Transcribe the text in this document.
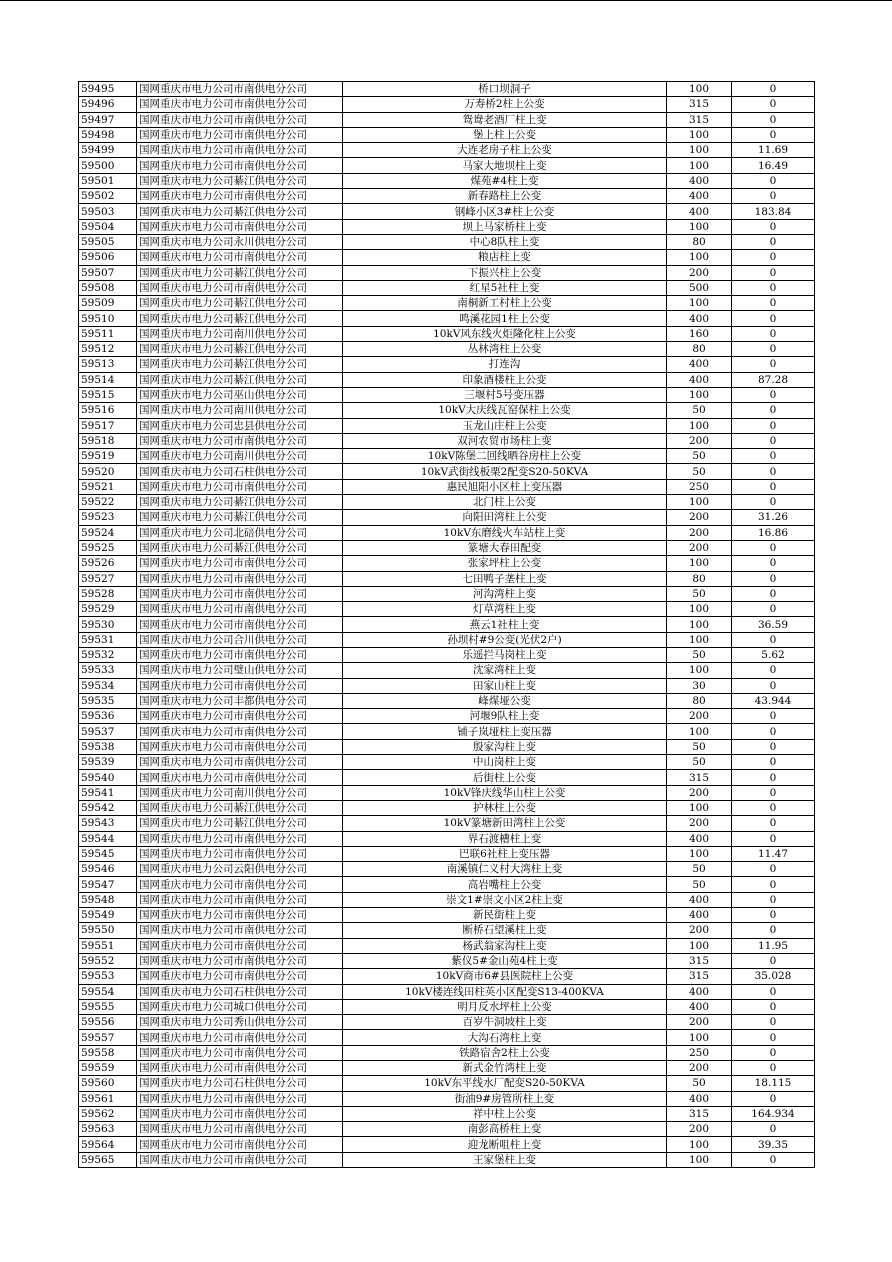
59495	国网重庆市电力公司市南供电分公司	桥口坝洞子	100	0
59496	国网重庆市电力公司市南供电分公司	万寿桥2柱上公变	315	0
59497	国网重庆市电力公司市南供电分公司	鸳鸯老酒厂柱上变	315	0
59498	国网重庆市电力公司市南供电分公司	堡上柱上公变	100	0
59499	国网重庆市电力公司市南供电分公司	大连老房子柱上公变	100	11.69
59500	国网重庆市电力公司市南供电分公司	马家大地坝柱上变	100	16.49
59501	国网重庆市电力公司綦江供电分公司	煤苑#4柱上变	400	0
59502	国网重庆市电力公司市南供电分公司	新春路柱上公变	400	0
59503	国网重庆市电力公司綦江供电分公司	钢峰小区3#柱上公变	400	183.84
59504	国网重庆市电力公司市南供电分公司	坝上马家桥柱上变	100	0
59505	国网重庆市电力公司永川供电分公司	中心8队柱上变	80	0
59506	国网重庆市电力公司市南供电分公司	粮店柱上变	100	0
59507	国网重庆市电力公司綦江供电分公司	下振兴柱上公变	200	0
59508	国网重庆市电力公司市南供电分公司	红星5社柱上变	500	0
59509	国网重庆市电力公司綦江供电分公司	南桐新工村柱上公变	100	0
59510	国网重庆市电力公司綦江供电分公司	鸣溪花园1柱上公变	400	0
59511	国网重庆市电力公司南川供电分公司	10kV风东线火炬隆化柱上公变	160	0
59512	国网重庆市电力公司綦江供电分公司	丛林湾柱上公变	80	0
59513	国网重庆市电力公司綦江供电分公司	打连沟	400	0
59514	国网重庆市电力公司綦江供电分公司	印象酒楼柱上公变	400	87.28
59515	国网重庆市电力公司巫山供电分公司	三堰村5号变压器	100	0
59516	国网重庆市电力公司南川供电分公司	10kV大庆线瓦窑保柱上公变	50	0
59517	国网重庆市电力公司忠县供电分公司	玉龙山庄柱上公变	100	0
59518	国网重庆市电力公司市南供电分公司	双河农贸市场柱上变	200	0
59519	国网重庆市电力公司南川供电分公司	10kV陈堡二回线晒谷房柱上公变	50	0
59520	国网重庆市电力公司石柱供电分公司	10kV武街线板栗2配变S20-50KVA	50	0
59521	国网重庆市电力公司市南供电分公司	惠民旭阳小区柱上变压器	250	0
59522	国网重庆市电力公司綦江供电分公司	北门柱上公变	100	0
59523	国网重庆市电力公司綦江供电分公司	向阳田湾柱上公变	200	31.26
59524	国网重庆市电力公司北碚供电分公司	10kV东磨线火车站柱上变	200	16.86
59525	国网重庆市电力公司綦江供电分公司	篆塘大春田配变	200	0
59526	国网重庆市电力公司市南供电分公司	张家坪柱上公变	100	0
59527	国网重庆市电力公司市南供电分公司	七田鸭子垄柱上变	80	0
59528	国网重庆市电力公司市南供电分公司	河沟湾柱上变	50	0
59529	国网重庆市电力公司市南供电分公司	灯草湾柱上变	100	0
59530	国网重庆市电力公司市南供电分公司	燕云1社柱上变	100	36.59
59531	国网重庆市电力公司合川供电分公司	孙坝村#9公变(光伏2户)	100	0
59532	国网重庆市电力公司市南供电分公司	乐遥拦马岗柱上变	50	5.62
59533	国网重庆市电力公司璧山供电分公司	沈家湾柱上变	100	0
59534	国网重庆市电力公司市南供电分公司	田家山柱上变	30	0
59535	国网重庆市电力公司丰都供电分公司	峰煤垭公变	80	43.944
59536	国网重庆市电力公司市南供电分公司	河堰9队柱上变	200	0
59537	国网重庆市电力公司市南供电分公司	铺子岚垭柱上变压器	100	0
59538	国网重庆市电力公司市南供电分公司	殷家沟柱上变	50	0
59539	国网重庆市电力公司市南供电分公司	中山岗柱上变	50	0
59540	国网重庆市电力公司市南供电分公司	后街柱上公变	315	0
59541	国网重庆市电力公司南川供电分公司	10kV锋庆线华山柱上公变	200	0
59542	国网重庆市电力公司綦江供电分公司	护林柱上公变	100	0
59543	国网重庆市电力公司綦江供电分公司	10kV篆塘新田湾柱上公变	200	0
59544	国网重庆市电力公司市南供电分公司	界石渡槽柱上变	400	0
59545	国网重庆市电力公司市南供电分公司	巴联6社柱上变压器	100	11.47
59546	国网重庆市电力公司云阳供电分公司	南溪镇仁义村大湾柱上变	50	0
59547	国网重庆市电力公司市南供电分公司	高岩嘴柱上公变	50	0
59548	国网重庆市电力公司市南供电分公司	崇文1#崇文小区2柱上变	400	0
59549	国网重庆市电力公司市南供电分公司	新民街柱上变	400	0
59550	国网重庆市电力公司市南供电分公司	断桥石望溪柱上变	200	0
59551	国网重庆市电力公司市南供电分公司	杨武翁家沟柱上变	100	11.95
59552	国网重庆市电力公司市南供电分公司	紫仪5#金山苑4柱上变	315	0
59553	国网重庆市电力公司市南供电分公司	10kV商市6#县医院柱上公变	315	35.028
59554	国网重庆市电力公司石柱供电分公司	10kV楼连线田柱英小区配变S13-400KVA	400	0
59555	国网重庆市电力公司城口供电分公司	明月反水坪柱上公变	400	0
59556	国网重庆市电力公司秀山供电分公司	百岁牛洞坡柱上变	200	0
59557	国网重庆市电力公司市南供电分公司	大沟石湾柱上变	100	0
59558	国网重庆市电力公司市南供电分公司	铁路宿舍2柱上公变	250	0
59559	国网重庆市电力公司市南供电分公司	新式金竹湾柱上变	200	0
59560	国网重庆市电力公司石柱供电分公司	10kV东平线水厂配变S20-50KVA	50	18.115
59561	国网重庆市电力公司市南供电分公司	街油9#房管所柱上变	400	0
59562	国网重庆市电力公司市南供电分公司	祥中柱上公变	315	164.934
59563	国网重庆市电力公司市南供电分公司	南彭高桥柱上变	200	0
59564	国网重庆市电力公司市南供电分公司	迎龙断咀柱上变	100	39.35
59565	国网重庆市电力公司市南供电分公司	王家堡柱上变	100	0
